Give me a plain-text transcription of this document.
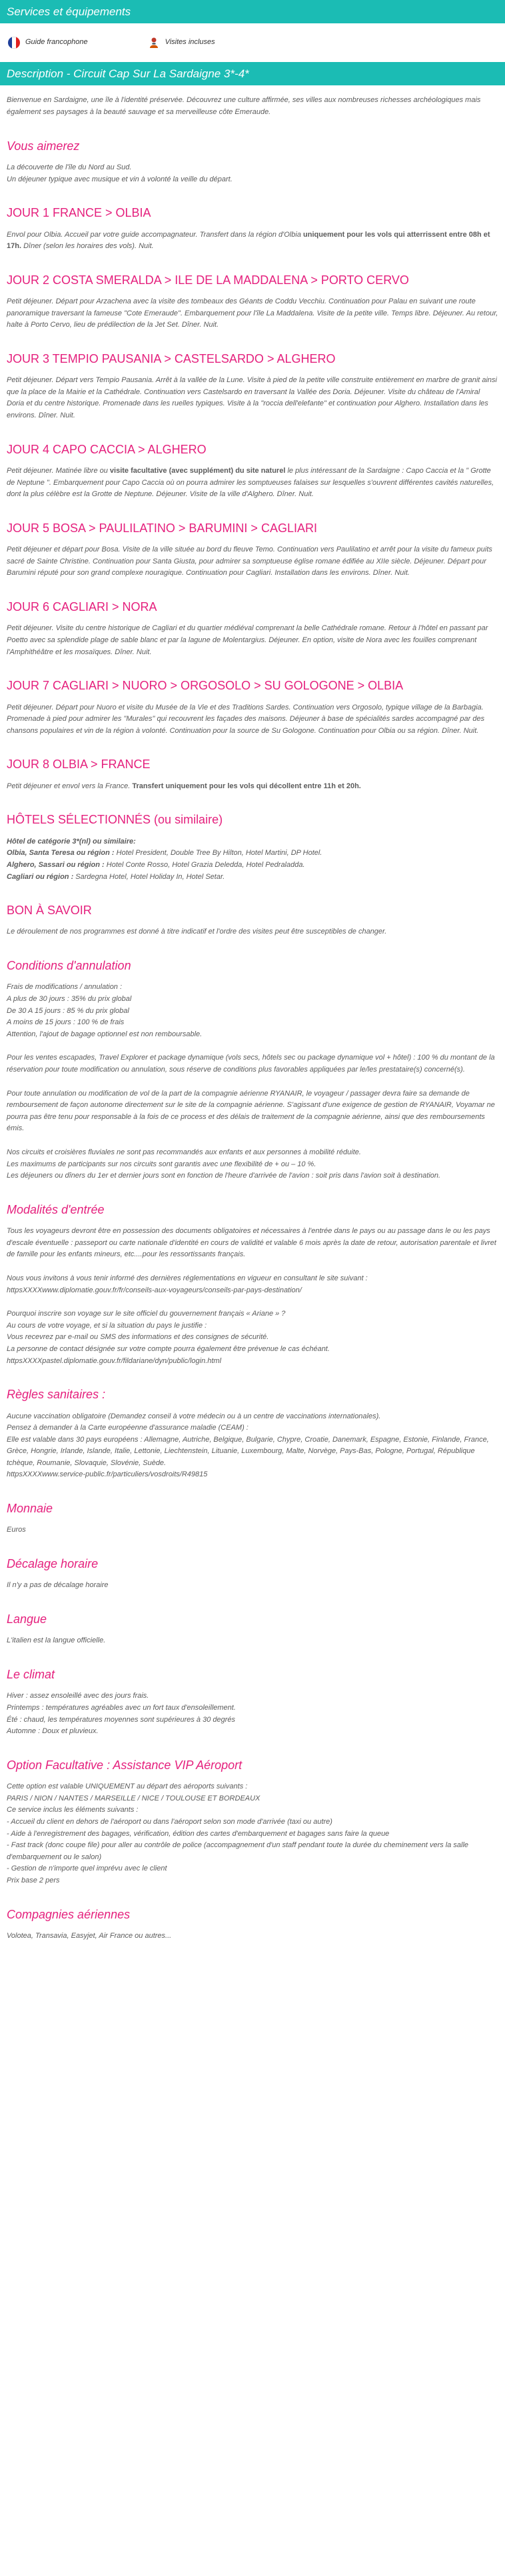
Services et équipements
Guide francophone	Visites incluses
Description - Circuit Cap Sur La Sardaigne 3*-4*

Bienvenue en Sardaigne, une île à l'identité préservée. Découvrez une culture affirmée, ses villes aux nombreuses richesses archéologiques mais également ses paysages à la beauté sauvage et sa merveilleuse côte Emeraude.

Vous aimerez

La découverte de l'île du Nord au Sud.

Un déjeuner typique avec musique et vin à volonté la veille du départ.

JOUR 1 FRANCE > OLBIA

Envol pour Olbia. Accueil par votre guide accompagnateur. Transfert dans la région d'Olbia uniquement pour les vols qui atterrissent entre 08h et 17h. Dîner (selon les horaires des vols). Nuit.

JOUR 2 COSTA SMERALDA > ILE DE LA MADDALENA > PORTO CERVO

Petit déjeuner. Départ pour Arzachena avec la visite des tombeaux des Géants de Coddu Vecchiu. Continuation pour Palau en suivant une route panoramique traversant la fameuse "Cote Emeraude". Embarquement pour l'île La Maddalena. Visite de la petite ville. Temps libre. Déjeuner. Au retour, halte à Porto Cervo, lieu de prédilection de la Jet Set. Dîner. Nuit.

JOUR 3 TEMPIO PAUSANIA > CASTELSARDO > ALGHERO

Petit déjeuner. Départ vers Tempio Pausania. Arrêt à la vallée de la Lune. Visite à pied de la petite ville construite entièrement en marbre de granit ainsi que la place de la Mairie et la Cathédrale. Continuation vers Castelsardo en traversant la Vallée des Doria. Déjeuner. Visite du château de l'Amiral Doria et du centre historique. Promenade dans les ruelles typiques. Visite à la "roccia dell'elefante" et continuation pour Alghero. Installation dans les environs. Dîner. Nuit.

JOUR 4 CAPO CACCIA > ALGHERO

Petit déjeuner. Matinée libre ou visite facultative (avec supplément) du site naturel le plus intéressant de la Sardaigne : Capo Caccia et la " Grotte de Neptune ". Embarquement pour Capo Caccia où on pourra admirer les somptueuses falaises sur lesquelles s'ouvrent différentes cavités naturelles, dont la plus célèbre est la Grotte de Neptune. Déjeuner. Visite de la ville d'Alghero. Dîner. Nuit.

JOUR 5 BOSA > PAULILATINO > BARUMINI > CAGLIARI

Petit déjeuner et départ pour Bosa. Visite de la ville située au bord du fleuve Temo. Continuation vers Paulilatino et arrêt pour la visite du fameux puits sacré de Sainte Christine. Continuation pour Santa Giusta, pour admirer sa somptueuse église romane édifiée au XIIe siècle. Déjeuner. Départ pour Barumini réputé pour son grand complexe nouragique. Continuation pour Cagliari. Installation dans les environs. Dîner. Nuit.

JOUR 6 CAGLIARI > NORA

Petit déjeuner. Visite du centre historique de Cagliari et du quartier médiéval comprenant la belle Cathédrale romane. Retour à l'hôtel en passant par Poetto avec sa splendide plage de sable blanc et par la lagune de Molentargius. Déjeuner. En option, visite de Nora avec les fouilles comprenant l'Amphithéâtre et les mosaïques. Dîner. Nuit.

JOUR 7 CAGLIARI > NUORO > ORGOSOLO > SU GOLOGONE > OLBIA

Petit déjeuner. Départ pour Nuoro et visite du Musée de la Vie et des Traditions Sardes. Continuation vers Orgosolo, typique village de la Barbagia. Promenade à pied pour admirer les "Murales" qui recouvrent les façades des maisons. Déjeuner à base de spécialités sardes accompagné par des chansons populaires et vin de la région à volonté. Continuation pour la source de Su Gologone. Continuation pour Olbia ou sa région. Dîner. Nuit.

JOUR 8 OLBIA > FRANCE

Petit déjeuner et envol vers la France. Transfert uniquement pour les vols qui décollent entre 11h et 20h.

HÔTELS SÉLECTIONNÉS (ou similaire)

Hôtel de catégorie 3*(nl) ou similaire:

Olbia, Santa Teresa ou région : Hotel President, Double Tree By Hilton, Hotel Martini, DP Hotel.

Alghero, Sassari ou région : Hotel Conte Rosso, Hotel Grazia Deledda, Hotel Pedraladda.

Cagliari ou région : Sardegna Hotel, Hotel Holiday In, Hotel Setar.

BON À SAVOIR

Le déroulement de nos programmes est donné à titre indicatif et l'ordre des visites peut être susceptibles de changer.

Conditions d'annulation

Frais de modifications / annulation :

A plus de 30 jours : 35% du prix global

De 30 A 15 jours : 85 % du prix global

A moins de 15 jours : 100 % de frais

Attention, l'ajout de bagage optionnel est non remboursable.

Pour les ventes escapades, Travel Explorer et package dynamique (vols secs, hôtels sec ou package dynamique vol + hôtel) : 100 % du montant de la réservation pour toute modification ou annulation, sous réserve de conditions plus favorables appliquées par le/les prestataire(s) concerné(s).

Pour toute annulation ou modification de vol de la part de la compagnie aérienne RYANAIR, le voyageur / passager devra faire sa demande de remboursement de façon autonome directement sur le site de la compagnie aérienne. S'agissant d'une exigence de gestion de RYANAIR, Voyamar ne pourra pas être tenu pour responsable à la fois de ce process et des délais de traitement de la compagnie aérienne, ainsi que des remboursements émis.

Nos circuits et croisières fluviales ne sont pas recommandés aux enfants et aux personnes à mobilité réduite.

Les maximums de participants sur nos circuits sont garantis avec une flexibilité de + ou – 10 %.

Les déjeuners ou dîners du 1er et dernier jours sont en fonction de l'heure d'arrivée de l'avion : soit pris dans l'avion soit à destination.

Modalités d'entrée

Tous les voyageurs devront être en possession des documents obligatoires et nécessaires à l'entrée dans le pays ou au passage dans le ou les pays d'escale éventuelle : passeport ou carte nationale d'identité en cours de validité et valable 6 mois après la date de retour, autorisation parentale et livret de famille pour les enfants mineurs, etc....pour les ressortissants français.

Nous vous invitons à vous tenir informé des dernières réglementations en vigueur en consultant le site suivant : httpsXXXXwww.diplomatie.gouv.fr/fr/conseils-aux-voyageurs/conseils-par-pays-destination/

Pourquoi inscrire son voyage sur le site officiel du gouvernement français « Ariane » ?

Au cours de votre voyage, et si la situation du pays le justifie :

Vous recevrez par e-mail ou SMS des informations et des consignes de sécurité.

La personne de contact désignée sur votre compte pourra également être prévenue le cas échéant.

httpsXXXXpastel.diplomatie.gouv.fr/fildariane/dyn/public/login.html

Règles sanitaires :

Aucune vaccination obligatoire (Demandez conseil à votre médecin ou à un centre de vaccinations internationales).

Pensez à demander à la Carte européenne d'assurance maladie (CEAM) :

Elle est valable dans 30 pays européens : Allemagne, Autriche, Belgique, Bulgarie, Chypre, Croatie, Danemark, Espagne, Estonie, Finlande, France, Grèce, Hongrie, Irlande, Islande, Italie, Lettonie, Liechtenstein, Lituanie, Luxembourg, Malte, Norvège, Pays-Bas, Pologne, Portugal, République tchèque, Roumanie, Slovaquie, Slovénie, Suède.

httpsXXXXwww.service-public.fr/particuliers/vosdroits/R49815

Monnaie

Euros

Décalage horaire

Il n'y a pas de décalage horaire

Langue

L'italien est la langue officielle.

Le climat

Hiver : assez ensoleillé avec des jours frais.

Printemps : températures agréables avec un fort taux d'ensoleillement.

Été : chaud, les températures moyennes sont supérieures à 30 degrés

Automne : Doux et pluvieux.

Option Facultative : Assistance VIP Aéroport

Cette option est valable UNIQUEMENT au départ des aéroports suivants :

PARIS / NION / NANTES / MARSEILLE / NICE / TOULOUSE ET BORDEAUX

Ce service inclus les éléments suivants :

- Accueil du client en dehors de l'aéroport ou dans l'aéroport selon son mode d'arrivée (taxi ou autre)

- Aide à l'enregistrement des bagages, vérification, édition des cartes d'embarquement et bagages sans faire la queue

- Fast track (donc coupe file) pour aller au contrôle de police (accompagnement d'un staff pendant toute la durée du cheminement vers la salle d'embarquement ou le salon)

- Gestion de n'importe quel imprévu avec le client

Prix base 2 pers

Compagnies aériennes

Volotea, Transavia, Easyjet, Air France ou autres...
